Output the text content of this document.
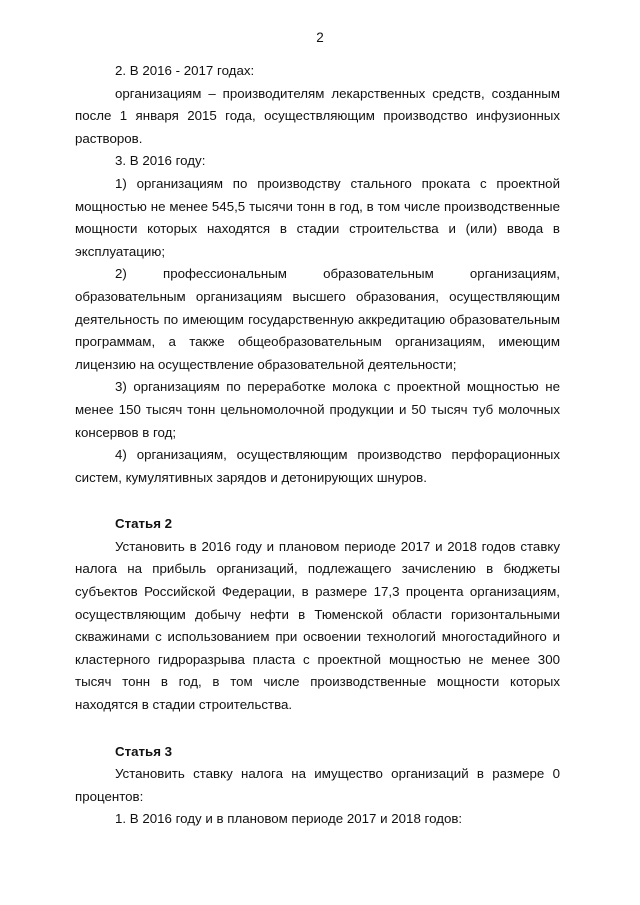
2

2. В 2016 - 2017 годах:

организациям – производителям лекарственных средств, созданным после 1 января 2015 года, осуществляющим производство инфузионных растворов.

3. В 2016 году:

1) организациям по производству стального проката с проектной мощностью не менее 545,5 тысячи тонн в год, в том числе производственные мощности которых находятся в стадии строительства и (или) ввода в эксплуатацию;

2) профессиональным образовательным организациям, образовательным организациям высшего образования, осуществляющим деятельность по имеющим государственную аккредитацию образовательным программам, а также общеобразовательным организациям, имеющим лицензию на осуществление образовательной деятельности;

3) организациям по переработке молока с проектной мощностью не менее 150 тысяч тонн цельномолочной продукции и 50 тысяч туб молочных консервов в год;

4) организациям, осуществляющим производство перфорационных систем, кумулятивных зарядов и детонирующих шнуров.

Статья 2

Установить в 2016 году и плановом периоде 2017 и 2018 годов ставку налога на прибыль организаций, подлежащего зачислению в бюджеты субъектов Российской Федерации, в размере 17,3 процента организациям, осуществляющим добычу нефти в Тюменской области горизонтальными скважинами с использованием при освоении технологий многостадийного и кластерного гидроразрыва пласта с проектной мощностью не менее 300 тысяч тонн в год, в том числе производственные мощности которых находятся в стадии строительства.

Статья 3

Установить ставку налога на имущество организаций в размере 0 процентов:

1. В 2016 году и в плановом периоде 2017 и 2018 годов:
